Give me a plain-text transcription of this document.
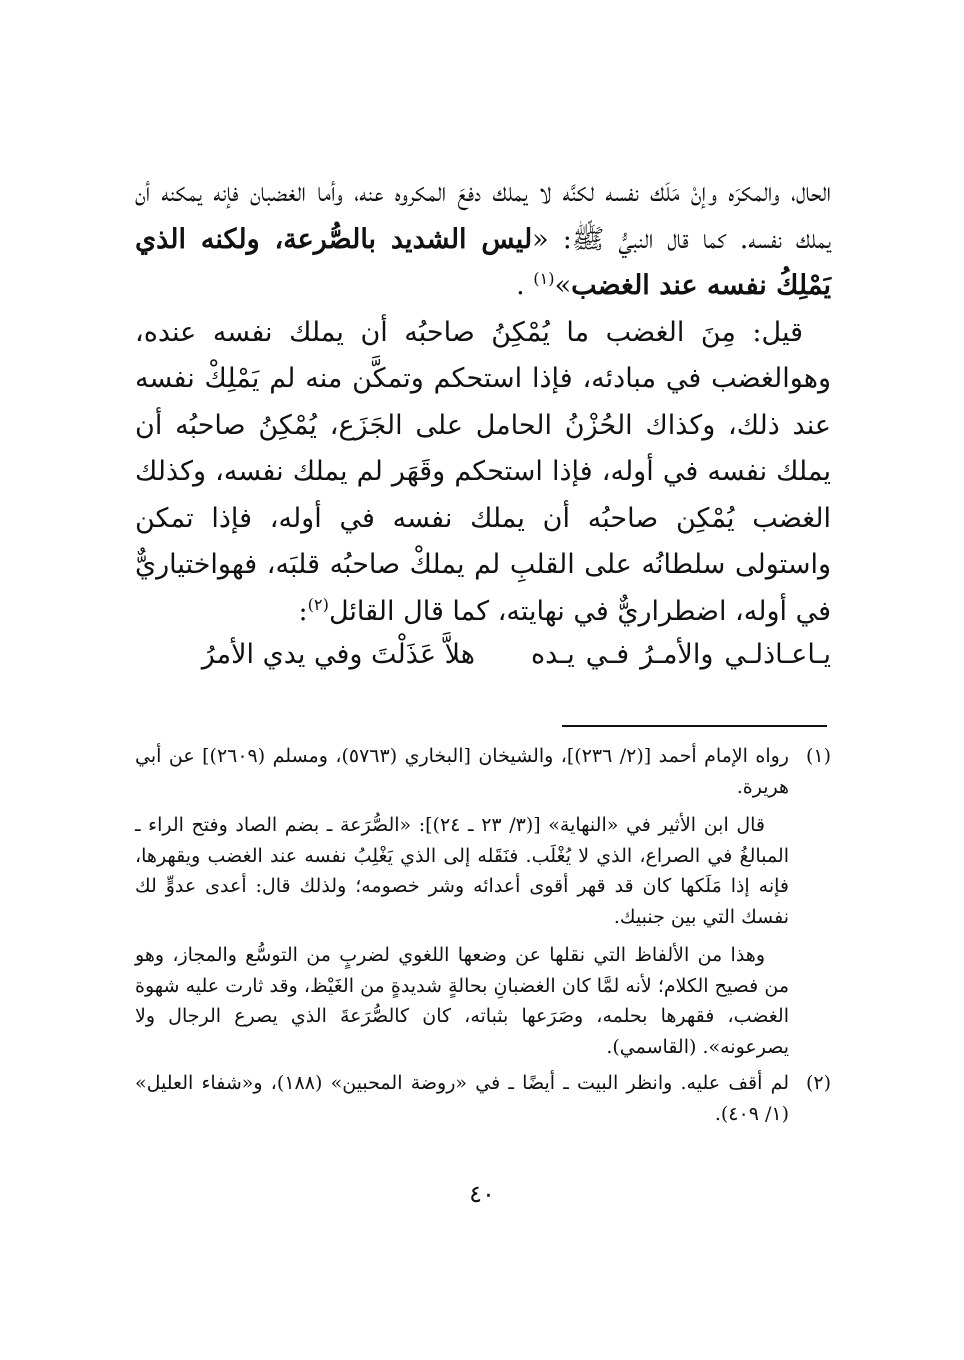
الحال، والمكرَه وإنْ مَلَك نفسه لكنَّه لا يملك دفعَ المكروه عنه، وأما الغضبان فإنه يمكنه أن يملك نفسه. كما قال النبيُّ ﷺ: «ليس الشديد بالصُّرعة، ولكنه الذي يَمْلِكُ نفسه عند الغضب»$^{(١)}$ .

قيل: مِنَ الغضب ما يُمْكِنُ صاحبُه أن يملك نفسه عنده، وهوالغضب في مبادئه، فإذا استحكم وتمكَّن منه لم يَمْلِكْ نفسه عند ذلك، وكذاك الحُزْنُ الحامل على الجَزَع، يُمْكِنُ صاحبُه أن يملك نفسه في أوله، فإذا استحكم وقَهَر لم يملك نفسه، وكذلك الغضب يُمْكِن صاحبُه أن يملك نفسه في أوله، فإذا تمكن واستولى سلطانُه على القلبِ لم يملكْ صاحبُه قلبَه، فهواختياريٌّ في أوله، اضطراريٌّ في نهايته، كما قال القائل$^{(٢)}$:

يـاعـاذلـي والأمـرُ فـي يـده
هلاَّ عَذَلْتَ وفي يدي الأمرُ
(١)

رواه الإمام أحمد [(٢/ ٢٣٦)]، والشيخان [البخاري (٥٧٦٣)، ومسلم (٢٦٠٩)] عن أبي هريرة.

قال ابن الأثير في «النهاية» [(٣/ ٢٣ ـ ٢٤)]: «الصُّرَعة ـ بضم الصاد وفتح الراء ـ المبالغُ في الصراع، الذي لا يُغْلَب. فنَقَله إلى الذي يَغْلِبُ نفسه عند الغضب ويقهرها، فإنه إذا مَلَكها كان قد قهر أقوى أعدائه وشر خصومه؛ ولذلك قال: أعدى عدوٍّ لك نفسك التي بين جنبيك.

وهذا من الألفاظ التي نقلها عن وضعها اللغوي لضربٍ من التوسُّع والمجاز، وهو من فصيح الكلام؛ لأنه لمَّا كان الغضبانِ بحالةٍ شديدةٍ من الغَيْظ، وقد ثارت عليه شهوة الغضب، فقهرها بحلمه، وصَرَعها بثباته، كان كالصُّرَعةَ الذي يصرع الرجال ولا يصرعونه». (القاسمي).

(٢)

لم أقف عليه. وانظر البيت ـ أيضًا ـ في «روضة المحبين» (١٨٨)، و«شفاء العليل» (١/ ٤٠٩).

٤٠
